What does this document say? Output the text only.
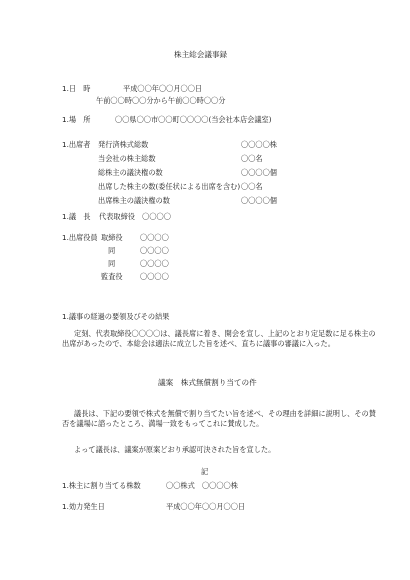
株主総会議事録
1.日　時	平成〇〇年〇〇月〇〇日
午前〇〇時〇〇分から午前〇〇時〇〇分
1.場　所	〇〇県〇〇市〇〇町〇〇〇〇(当会社本店会議室)
1.出席者 発行済株式総数	〇〇〇〇株
当会社の株主総数	〇〇名
総株主の議決権の数	〇〇〇〇個
出席した株主の数(委任状による出席を含む) 〇〇名
出席株主の議決権の数	〇〇〇〇個
1.議　長 代表取締役　〇〇〇〇
1.出席役員 取締役 〇〇〇〇
同	〇〇〇〇
同	〇〇〇〇
監査役 〇〇〇〇
1.議事の経過の要領及びその結果
定刻、代表取締役〇〇〇〇は、議長席に着き、開会を宣し、上記のとおり定足数に足る株主の
出席があったので、本総会は適法に成立した旨を述べ、直ちに議事の審議に入った。
議案　株式無償割り当ての件
議長は、下記の要領で株式を無償で割り当てたい旨を述べ、その理由を詳細に説明し、その賛
否を議場に諮ったところ、満場一致をもってこれに賛成した。
よって議長は、議案が原案どおり承認可決された旨を宣した。
記
1.株主に割り当てる株数	〇〇株式　〇〇〇〇株
1.効力発生日	平成〇〇年〇〇月〇〇日
